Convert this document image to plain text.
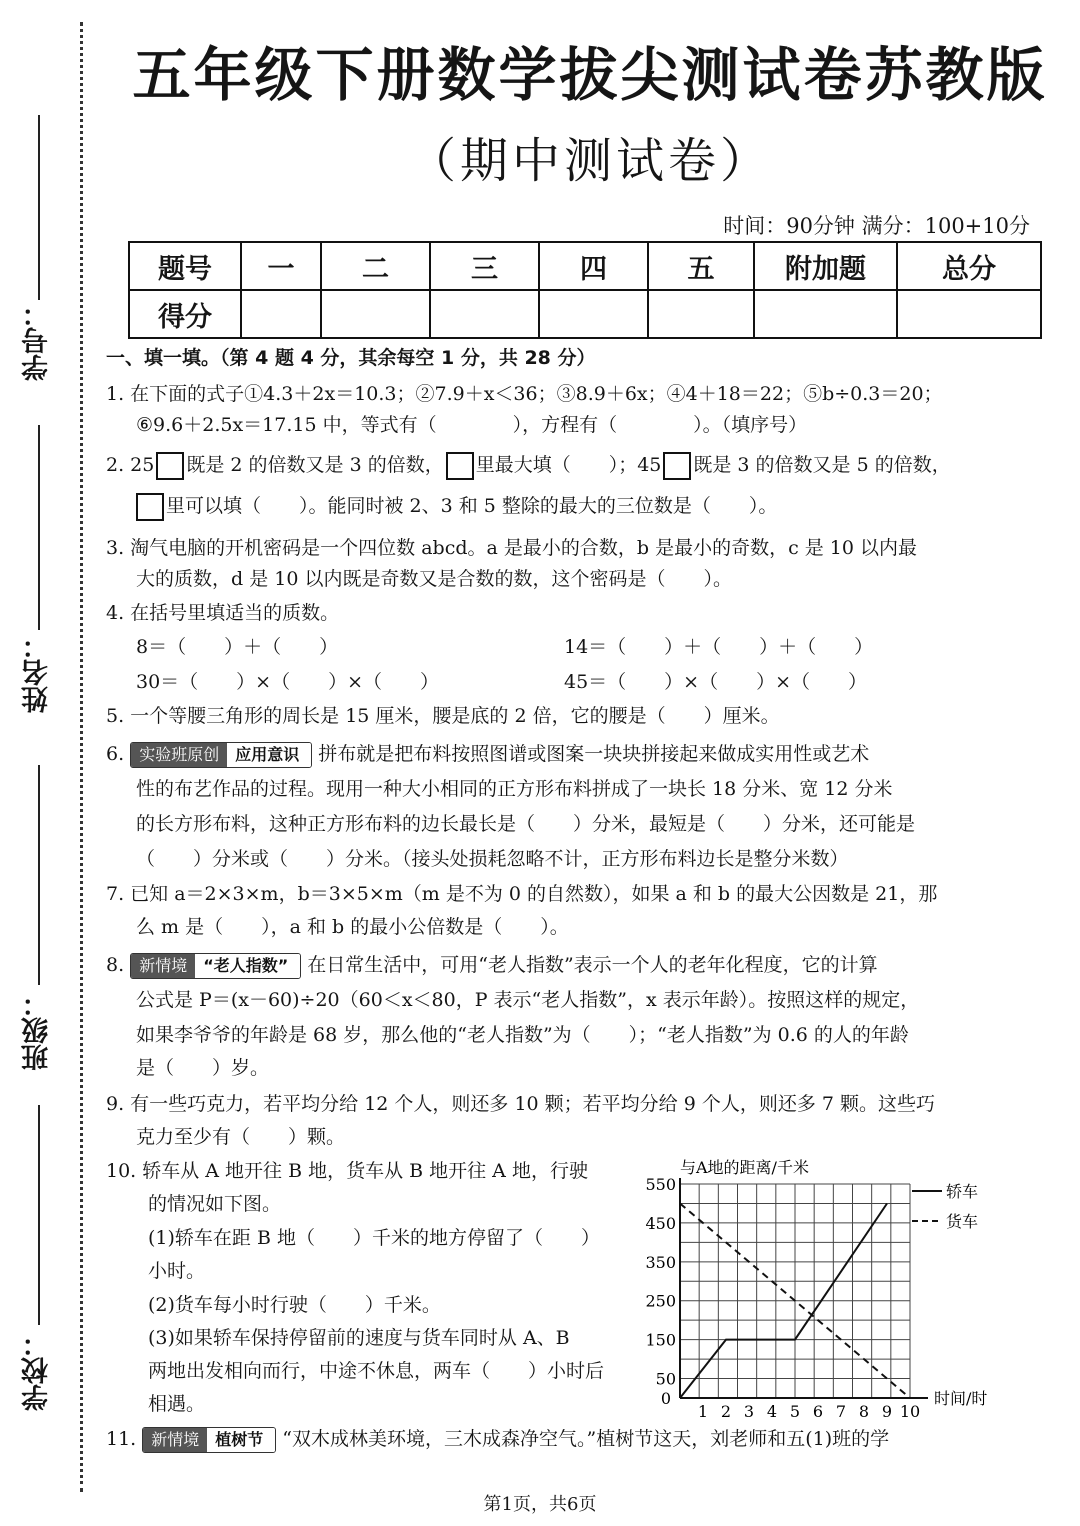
学号：
姓名：
班级：
学校：
五年级下册数学拔尖测试卷苏教版
（期中测试卷）
时间：90分钟 满分：100+10分
题号	一	二	三	四	五	附加题	总分
得分							
一、填一填。（第 4 题 4 分，其余每空 1 分，共 28 分）
1. 在下面的式子①4.3＋2x＝10.3；②7.9＋x＜36；③8.9＋6x；④4＋18＝22；⑤b÷0.3＝20；
⑥9.6＋2.5x＝17.15 中，等式有（　　　　），方程有（　　　　）。（填序号）
2. 25 既是 2 的倍数又是 3 的倍数， 里最大填（　　）；45 既是 3 的倍数又是 5 的倍数，
里可以填（　　）。能同时被 2、3 和 5 整除的最大的三位数是（　　）。
3. 淘气电脑的开机密码是一个四位数 abcd。a 是最小的合数，b 是最小的奇数，c 是 10 以内最
大的质数，d 是 10 以内既是奇数又是合数的数，这个密码是（　　）。
4. 在括号里填适当的质数。
8＝（　　）＋（　　）	14＝（　　）＋（　　）＋（　　）
30＝（　　）×（　　）×（　　）	45＝（　　）×（　　）×（　　）
5. 一个等腰三角形的周长是 15 厘米，腰是底的 2 倍，它的腰是（　　）厘米。
6. 实验班原创	应用意识	拼布就是把布料按照图谱或图案一块块拼接起来做成实用性或艺术
性的布艺作品的过程。现用一种大小相同的正方形布料拼成了一块长 18 分米、宽 12 分米
的长方形布料，这种正方形布料的边长最长是（　　）分米，最短是（　　）分米，还可能是
（　　）分米或（　　）分米。（接头处损耗忽略不计，正方形布料边长是整分米数）
7. 已知 a＝2×3×m，b＝3×5×m（m 是不为 0 的自然数），如果 a 和 b 的最大公因数是 21，那
么 m 是（　　），a 和 b 的最小公倍数是（　　）。
8. 新情境	“老人指数”	在日常生活中，可用“老人指数”表示一个人的老年化程度，它的计算
公式是 P＝(x－60)÷20（60＜x＜80，P 表示“老人指数”，x 表示年龄）。按照这样的规定，
如果李爷爷的年龄是 68 岁，那么他的“老人指数”为（　　）；“老人指数”为 0.6 的人的年龄
是（　　）岁。
9. 有一些巧克力，若平均分给 12 个人，则还多 10 颗；若平均分给 9 个人，则还多 7 颗。这些巧
克力至少有（　　）颗。
10. 轿车从 A 地开往 B 地，货车从 B 地开往 A 地，行驶
的情况如下图。
(1)轿车在距 B 地（　　）千米的地方停留了（　　）
小时。
(2)货车每小时行驶（　　）千米。
(3)如果轿车保持停留前的速度与货车同时从 A、B
两地出发相向而行，中途不休息，两车（　　）小时后
相遇。
11. 新情境	植树节	“双木成林美环境，三木成森净空气。”植树节这天，刘老师和五(1)班的学
与A地的距离/千米
时间/时
0
50
150
250
350
450
550
1 2 3 4 5 6 7 8 9 10
轿车
货车
第1页，共6页
